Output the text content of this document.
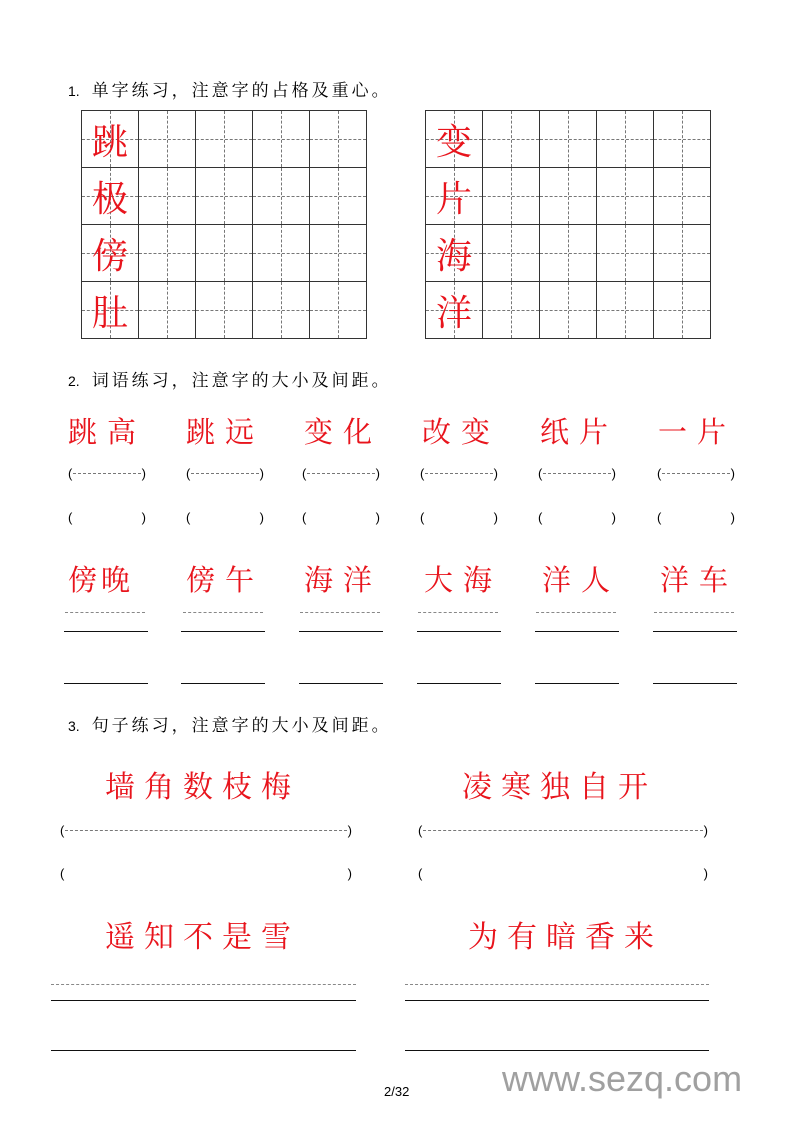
1. 单字练习，注意字的占格及重心。
跳				

极				

傍				

肚				

变				

片				

海				

洋				

2. 词语练习，注意字的大小及间距。
跳高 跳远 变化 改变 纸片 一片
(	)	(	)	(	)	(	)	(	)	(	)
(	)	(	)	(	)	(	)	(	)	(	)
傍晚 傍午 海洋 大海 洋人 洋车
3. 句子练习，注意字的大小及间距。
墙角数枝梅	凌寒独自开
(	)	(	)
(	)	(	)
遥知不是雪	为有暗香来
2/32	www.sezq.com
